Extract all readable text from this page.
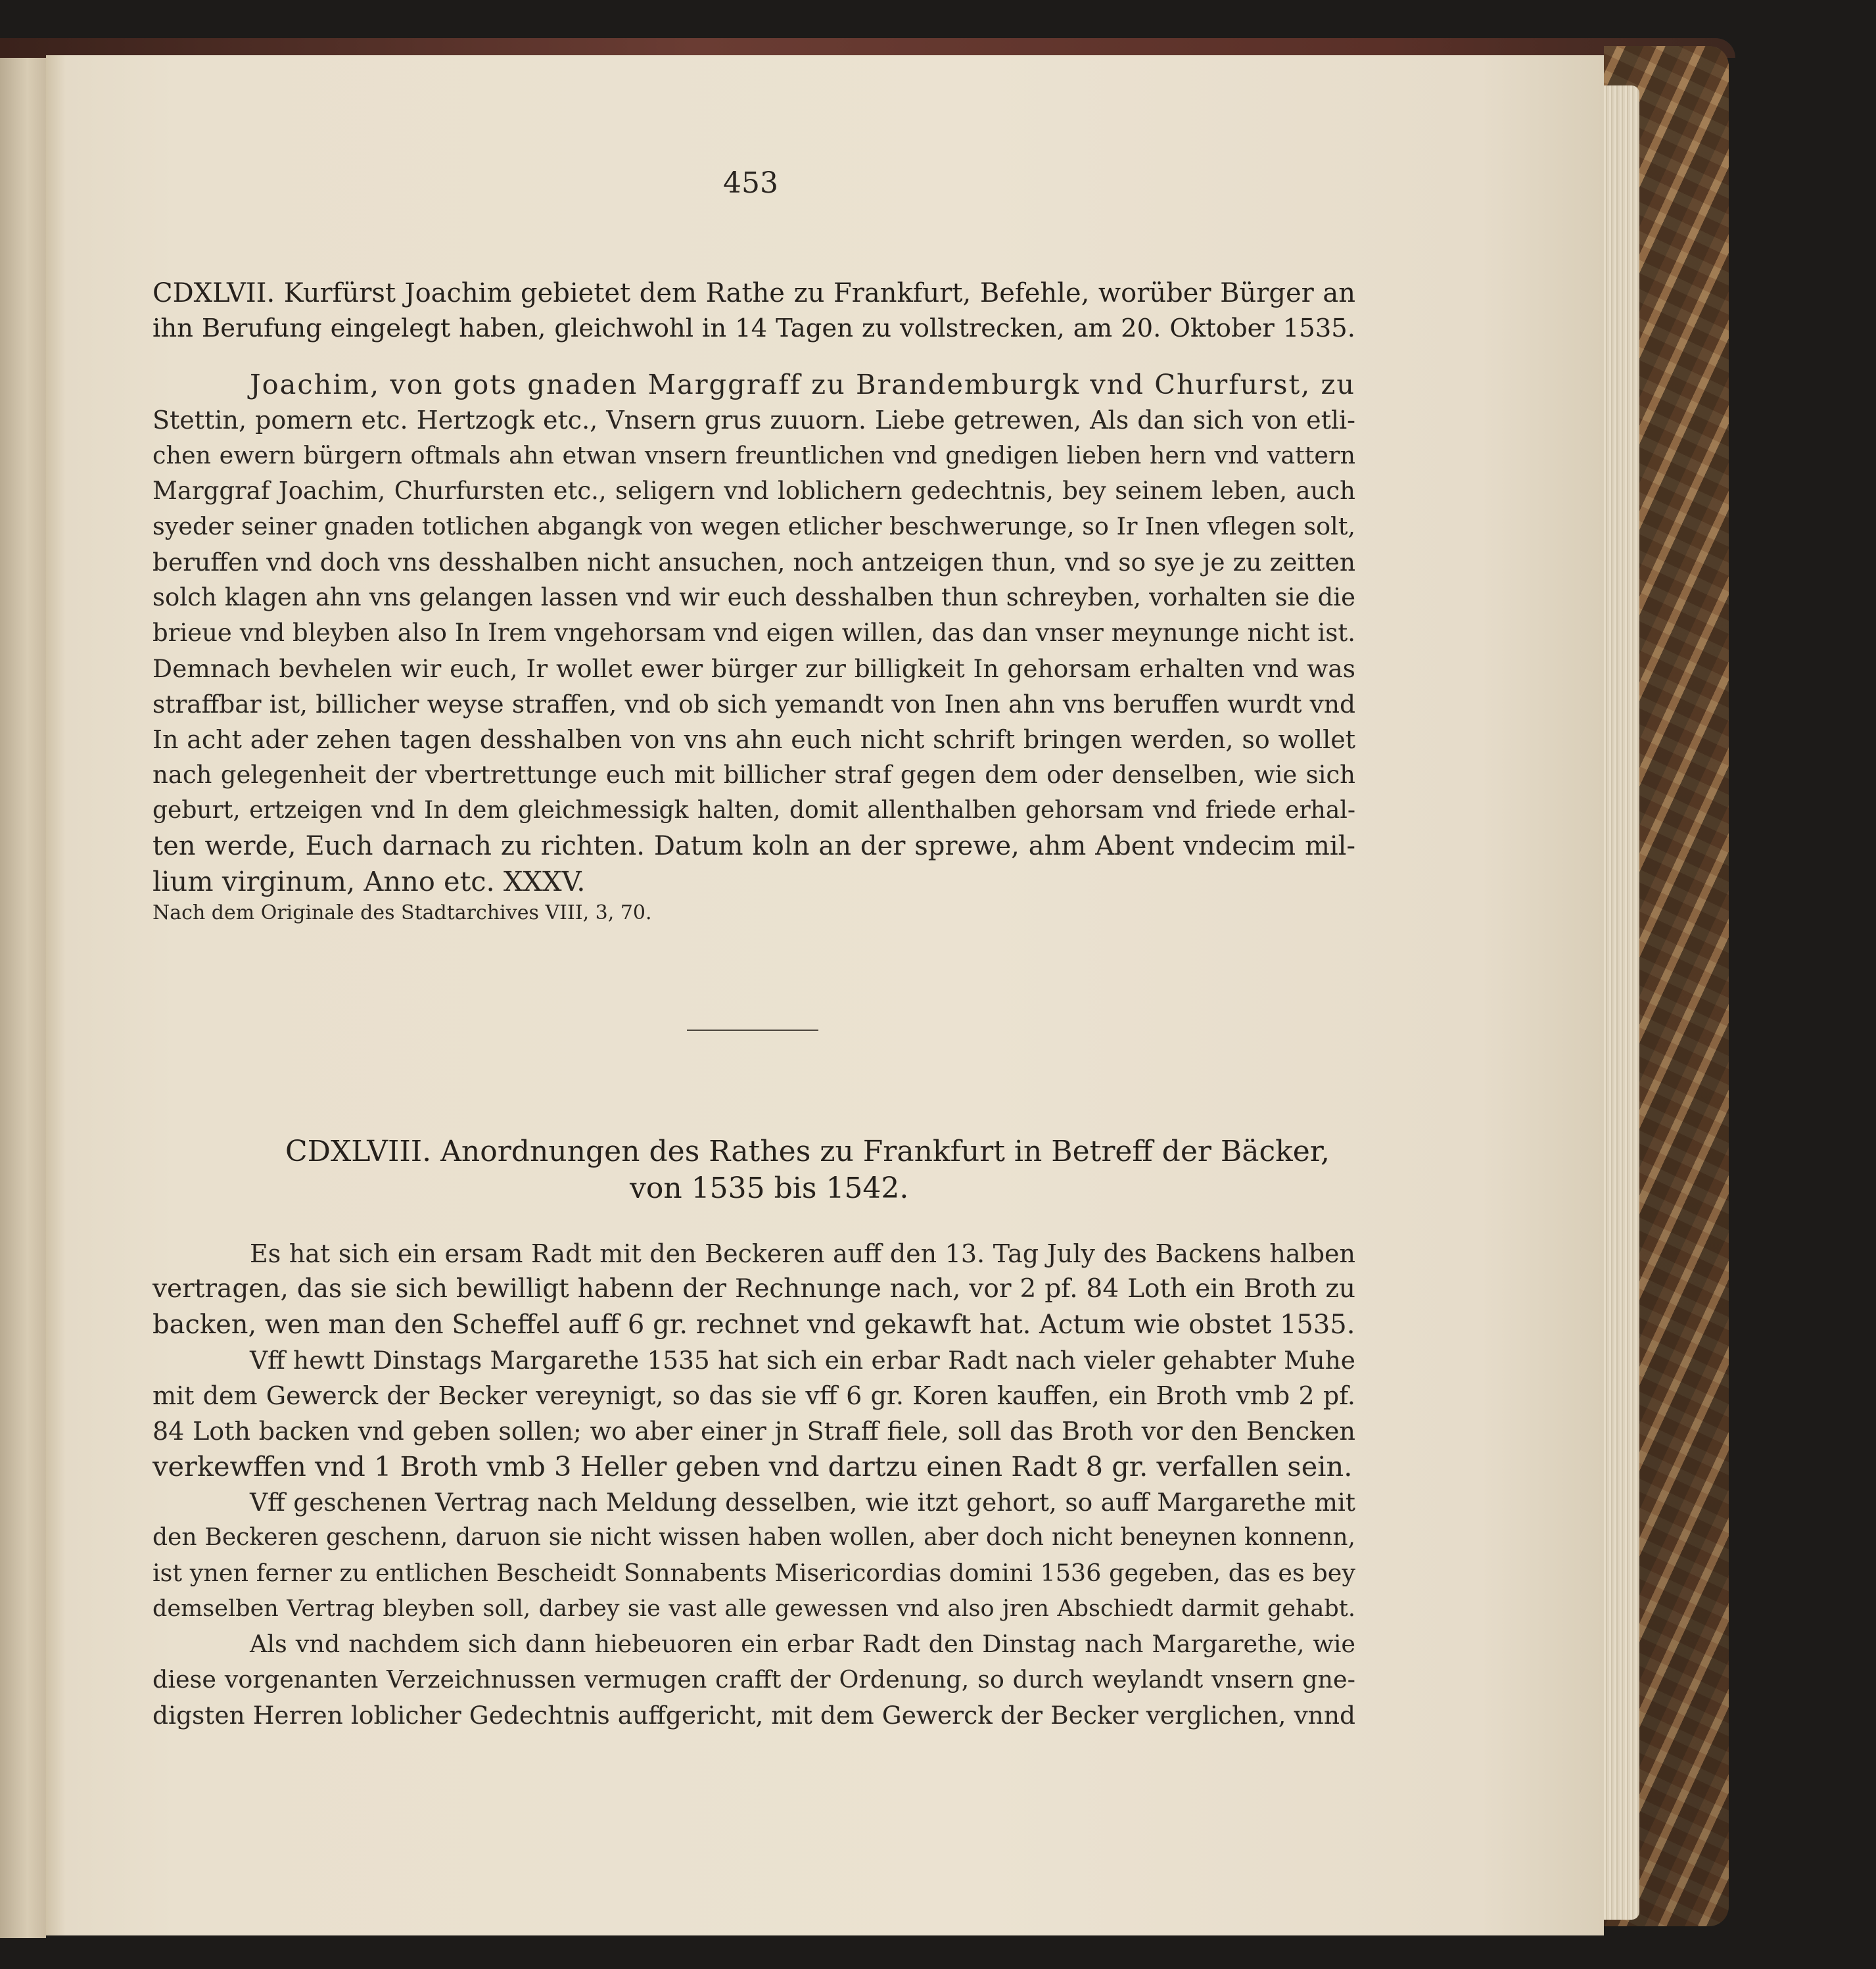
453
CDXLVII. Kurfürst Joachim gebietet dem Rathe zu Frankfurt, Befehle, worüber Bürger an
ihn Berufung eingelegt haben, gleichwohl in 14 Tagen zu vollstrecken, am 20. Oktober 1535.
Joachim, von gots gnaden Marggraff zu Brandemburgk vnd Churfurst, zu
Stettin, pomern etc. Hertzogk etc., Vnsern grus zuuorn. Liebe getrewen, Als dan sich von etli-
chen ewern bürgern oftmals ahn etwan vnsern freuntlichen vnd gnedigen lieben hern vnd vattern
Marggraf Joachim, Churfursten etc., seligern vnd loblichern gedechtnis, bey seinem leben, auch
syeder seiner gnaden totlichen abgangk von wegen etlicher beschwerunge, so Ir Inen vflegen solt,
beruffen vnd doch vns desshalben nicht ansuchen, noch antzeigen thun, vnd so sye je zu zeitten
solch klagen ahn vns gelangen lassen vnd wir euch desshalben thun schreyben, vorhalten sie die
brieue vnd bleyben also In Irem vngehorsam vnd eigen willen, das dan vnser meynunge nicht ist.
Demnach bevhelen wir euch, Ir wollet ewer bürger zur billigkeit In gehorsam erhalten vnd was
straffbar ist, billicher weyse straffen, vnd ob sich yemandt von Inen ahn vns beruffen wurdt vnd
In acht ader zehen tagen desshalben von vns ahn euch nicht schrift bringen werden, so wollet
nach gelegenheit der vbertrettunge euch mit billicher straf gegen dem oder denselben, wie sich
geburt, ertzeigen vnd In dem gleichmessigk halten, domit allenthalben gehorsam vnd friede erhal-
ten werde, Euch darnach zu richten. Datum koln an der sprewe, ahm Abent vndecim mil-
lium virginum, Anno etc. XXXV.
Nach dem Originale des Stadtarchives VIII, 3, 70.
CDXLVIII. Anordnungen des Rathes zu Frankfurt in Betreff der Bäcker,
von 1535 bis 1542.
Es hat sich ein ersam Radt mit den Beckeren auff den 13. Tag July des Backens halben
vertragen, das sie sich bewilligt habenn der Rechnunge nach, vor 2 pf. 84 Loth ein Broth zu
backen, wen man den Scheffel auff 6 gr. rechnet vnd gekawft hat. Actum wie obstet 1535.
Vff hewtt Dinstags Margarethe 1535 hat sich ein erbar Radt nach vieler gehabter Muhe
mit dem Gewerck der Becker vereynigt, so das sie vff 6 gr. Koren kauffen, ein Broth vmb 2 pf.
84 Loth backen vnd geben sollen; wo aber einer jn Straff fiele, soll das Broth vor den Bencken
verkewffen vnd 1 Broth vmb 3 Heller geben vnd dartzu einen Radt 8 gr. verfallen sein.
Vff geschenen Vertrag nach Meldung desselben, wie itzt gehort, so auff Margarethe mit
den Beckeren geschenn, daruon sie nicht wissen haben wollen, aber doch nicht beneynen konnenn,
ist ynen ferner zu entlichen Bescheidt Sonnabents Misericordias domini 1536 gegeben, das es bey
demselben Vertrag bleyben soll, darbey sie vast alle gewessen vnd also jren Abschiedt darmit gehabt.
Als vnd nachdem sich dann hiebeuoren ein erbar Radt den Dinstag nach Margarethe, wie
diese vorgenanten Verzeichnussen vermugen crafft der Ordenung, so durch weylandt vnsern gne-
digsten Herren loblicher Gedechtnis auffgericht, mit dem Gewerck der Becker verglichen, vnnd
